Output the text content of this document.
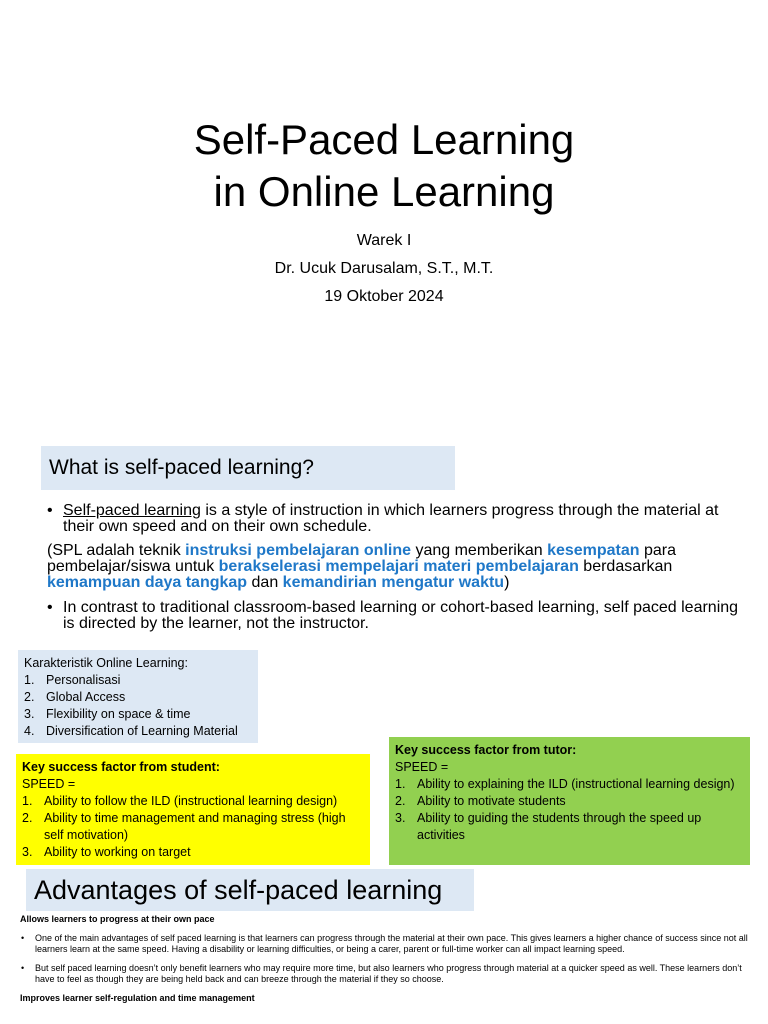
Self-Paced Learning
in Online Learning
Warek I
Dr. Ucuk Darusalam, S.T., M.T.
19 Oktober 2024
What is self-paced learning?
• Self-paced learning is a style of instruction in which learners progress through the material at their own speed and on their own schedule.
(SPL adalah teknik instruksi pembelajaran online yang memberikan kesempatan para pembelajar/siswa untuk berakselerasi mempelajari materi pembelajaran berdasarkan kemampuan daya tangkap dan kemandirian mengatur waktu)
• In contrast to traditional classroom-based learning or cohort-based learning, self paced learning is directed by the learner, not the instructor.
Karakteristik Online Learning:
1. Personalisasi
2. Global Access
3. Flexibility on space & time
4. Diversification of Learning Material
Key success factor from student:
SPEED =
1. Ability to follow the ILD (instructional learning design)
2. Ability to time management and managing stress (high self motivation)
3. Ability to working on target
Key success factor from tutor:
SPEED =
1. Ability to explaining the ILD (instructional learning design)
2. Ability to motivate students
3. Ability to guiding the students through the speed up activities
Advantages of self-paced learning
Allows learners to progress at their own pace
• One of the main advantages of self paced learning is that learners can progress through the material at their own pace. This gives learners a higher chance of success since not all learners learn at the same speed. Having a disability or learning difficulties, or being a carer, parent or full-time worker can all impact learning speed.
• But self paced learning doesn’t only benefit learners who may require more time, but also learners who progress through material at a quicker speed as well. These learners don’t have to feel as though they are being held back and can breeze through the material if they so choose.
Improves learner self-regulation and time management
